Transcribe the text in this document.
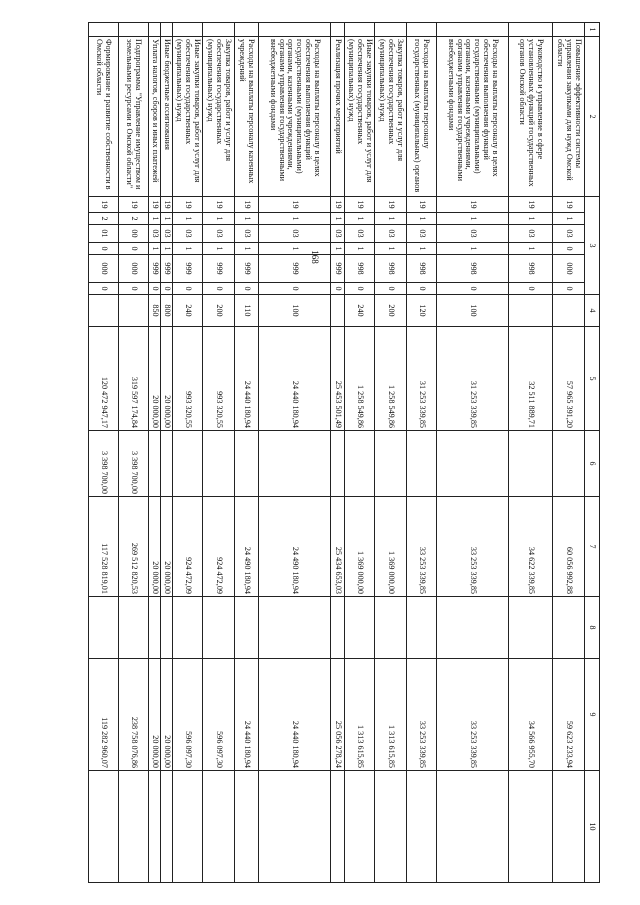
168
1	2	3						4	5	6	7	8	9	10
	Повышение эффективности системы управления закупками для нужд Омской области	19	1	03	0	000	0		57 965 391,20		60 056 992,88		59 623 233,94	
	Руководство и управление в сфере установленных функций государственных органов Омской области	19	1	03	1	998	0		32 511 889,71		34 622 339,85		34 566 955,70	
	Расходы на выплаты персоналу в целях обеспечения выполнения функций государственными (муниципальными) органами, казенными учреждениями, органами управления государственными внебюджетными фондами	19	1	03	1	998	0	100	31 253 339,85		33 253 339,85		33 253 339,85	
	Расходы на выплаты персоналу государственных (муниципальных) органов	19	1	03	1	998	0	120	31 253 339,85		33 253 339,85		33 253 339,85	
	Закупка товаров, работ и услуг для обеспечения государственных (муниципальных) нужд	19	1	03	1	998	0	200	1 258 549,86		1 369 000,00		1 313 615,85	
	Иные закупки товаров, работ и услуг для обеспечения государственных (муниципальных) нужд	19	1	03	1	998	0	240	1 258 549,86		1 369 000,00		1 313 615,85	
	Реализация прочих мероприятий	19	1	03	1	999	0		25 453 501,49		25 434 653,03		25 056 278,24	
	Расходы на выплаты персоналу в целях обеспечения выполнения функций государственными (муниципальными) органами, казенными учреждениями, органами управления государственными внебюджетными фондами	19	1	03	1	999	0	100	24 440 180,94		24 490 180,94		24 440 180,94	
	Расходы на выплаты персоналу казенных учреждений	19	1	03	1	999	0	110	24 440 180,94		24 490 180,94		24 440 180,94	
	Закупка товаров, работ и услуг для обеспечения государственных (муниципальных) нужд	19	1	03	1	999	0	200	993 320,55		924 472,09		596 097,30	
	Иные закупки товаров, работ и услуг для обеспечения государственных (муниципальных) нужд	19	1	03	1	999	0	240	993 320,55		924 472,09		596 097,30	
	Иные бюджетные ассигнования	19	1	03	1	999	0	800	20 000,00		20 000,00		20 000,00	
	Уплата налогов, сборов и иных платежей	19	1	03	1	999	0	850	20 000,00		20 000,00		20 000,00	
	Подпрограмма "Управление имуществом и земельными ресурсами в Омской области"	19	2	00	0	000	0		319 597 174,84	3 398 700,00	269 512 820,53		238 758 076,86	
	Формирование и развитие собственности в Омской области	19	2	01	0	000	0		120 472 947,17	3 398 700,00	117 528 819,01		119 282 960,07	
